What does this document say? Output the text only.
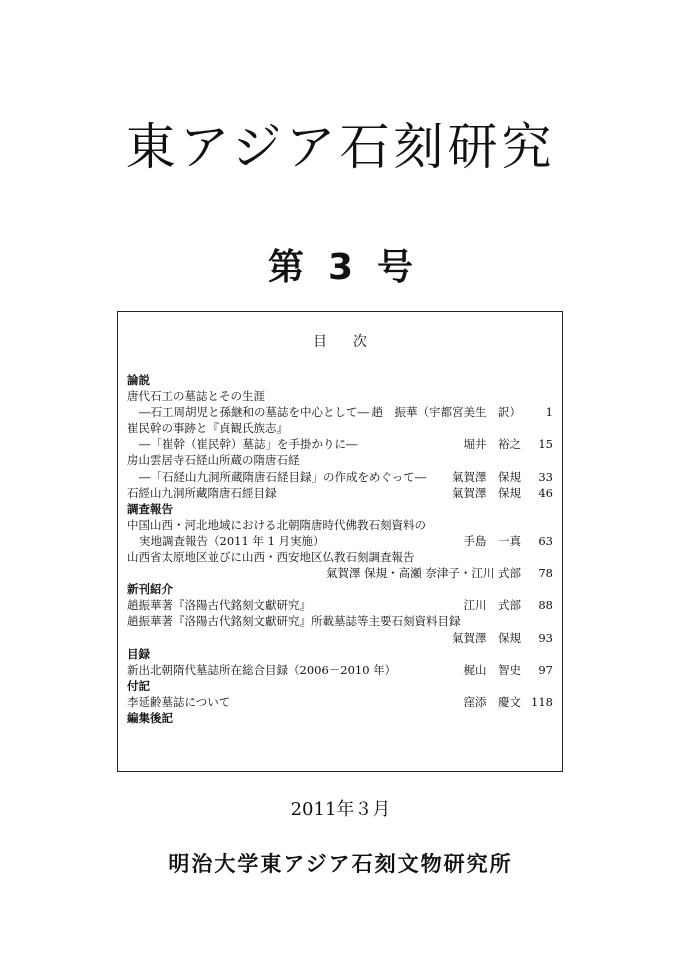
東アジア石刻研究
第 3 号
目次
論説
唐代石工の墓誌とその生涯
―石工周胡児と孫継和の墓誌を中心として― 趙　振華（宇都宮美生　訳）	1
崔民幹の事跡と『貞観氏族志』
―「崔幹（崔民幹）墓誌」を手掛かりに―	堀井　裕之	15
房山雲居寺石経山所蔵の隋唐石経
―「石経山九洞所蔵隋唐石経目録」の作成をめぐって― 氣賀澤　保規	33
石經山九洞所藏隋唐石經目録	氣賀澤　保規	46
調査報告
中国山西・河北地域における北朝隋唐時代佛教石刻資料の
実地調査報告（2011 年 1 月実施）	手島　一真	63
山西省太原地区並びに山西・西安地区仏教石刻調査報告
氣賀澤 保規・高瀬 奈津子・江川 式部	78
新刊紹介
趙振華著『洛陽古代銘刻文獻研究』	江川　式部	88
趙振華著『洛陽古代銘刻文獻研究』所載墓誌等主要石刻資料目録
氣賀澤　保規	93
目録
新出北朝隋代墓誌所在総合目録（2006－2010 年）	梶山　智史	97
付記
李延齢墓誌について	窪添　慶文 118
編集後記
2011年３月
明治大学東アジア石刻文物研究所
